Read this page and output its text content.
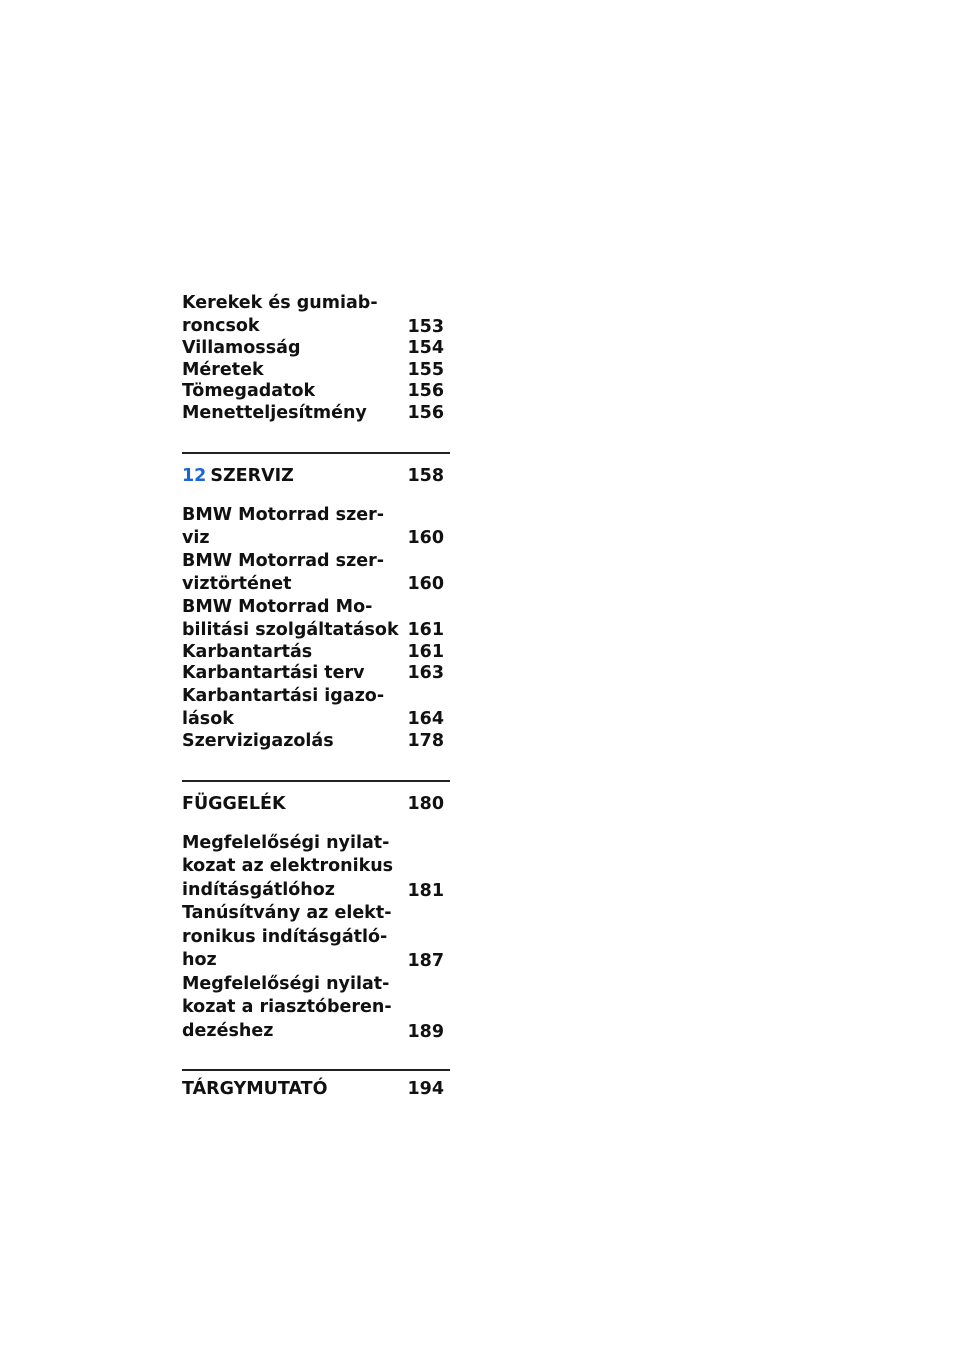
Kerekek és gumiab-
roncsok	153
Villamosság	154
Méretek	155
Tömegadatok	156
Menetteljesítmény	156
12 SZERVIZ	158
BMW Motorrad szer-
viz	160
BMW Motorrad szer-
viztörténet	160
BMW Motorrad Mo-
bilitási szolgáltatások 161
Karbantartás	161
Karbantartási terv	163
Karbantartási igazo-
lások	164
Szervizigazolás	178
FÜGGELÉK	180
Megfelelőségi nyilat-
kozat az elektronikus
indításgátlóhoz	181
Tanúsítvány az elekt-
ronikus indításgátló-
hoz	187
Megfelelőségi nyilat-
kozat a riasztóberen-
dezéshez	189
TÁRGYMUTATÓ	194
